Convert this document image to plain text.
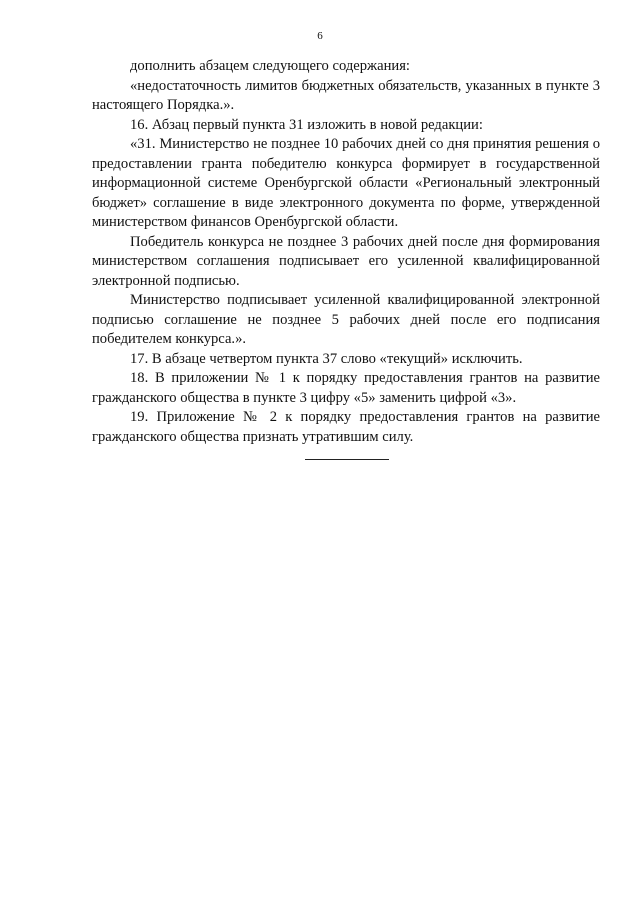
6

дополнить абзацем следующего содержания:

«недостаточность лимитов бюджетных обязательств, указанных в пункте 3 настоящего Порядка.».

16. Абзац первый пункта 31 изложить в новой редакции:

«31. Министерство не позднее 10 рабочих дней со дня принятия решения о предоставлении гранта победителю конкурса формирует в государственной информационной системе Оренбургской области «Региональный электронный бюджет» соглашение в виде электронного документа по форме, утвержденной министерством финансов Оренбургской области.

Победитель конкурса не позднее 3 рабочих дней после дня формирования министерством соглашения подписывает его усиленной квалифицированной электронной подписью.

Министерство подписывает усиленной квалифицированной электронной подписью соглашение не позднее 5 рабочих дней после его подписания победителем конкурса.».

17. В абзаце четвертом пункта 37 слово «текущий» исключить.

18. В приложении № 1 к порядку предоставления грантов на развитие гражданского общества в пункте 3 цифру «5» заменить цифрой «3».

19. Приложение № 2 к порядку предоставления грантов на развитие гражданского общества признать утратившим силу.
